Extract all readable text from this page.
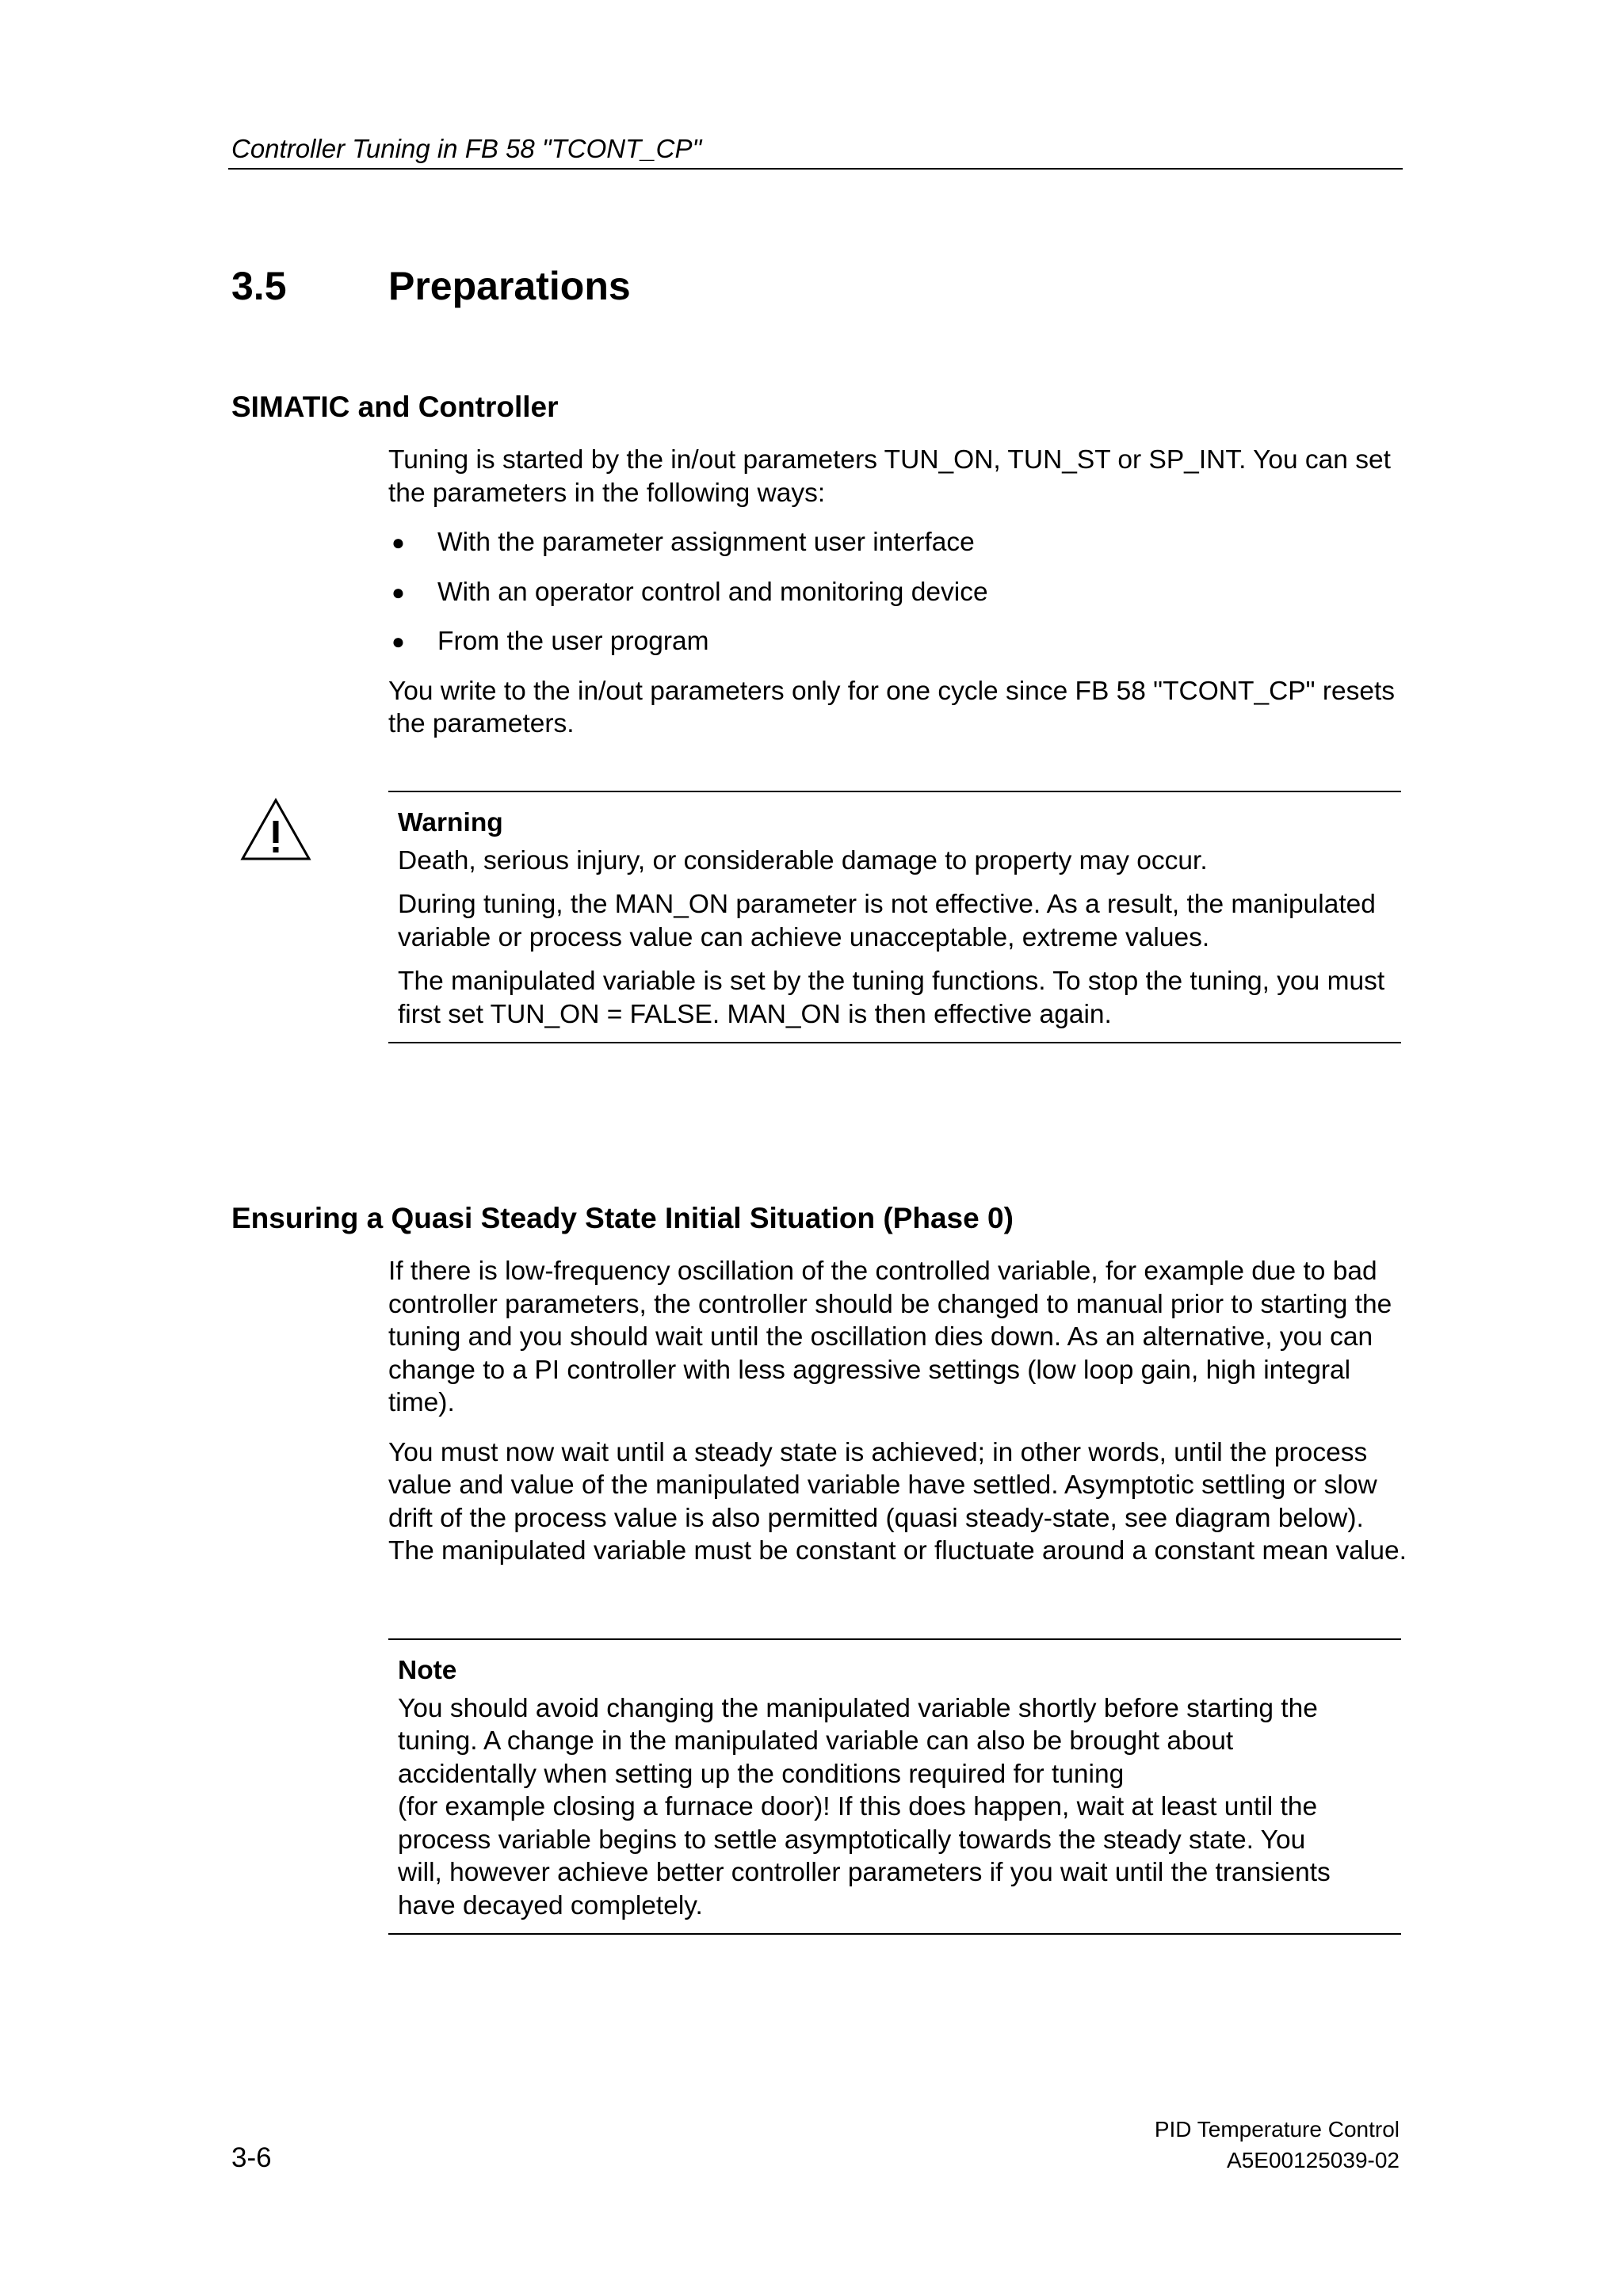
Controller Tuning in FB 58 "TCONT_CP"
3.5	Preparations
SIMATIC and Controller

Tuning is started by the in/out parameters TUN_ON, TUN_ST or SP_INT. You can set the parameters in the following ways:

● With the parameter assignment user interface
● With an operator control and monitoring device
● From the user program

You write to the in/out parameters only for one cycle since FB 58 "TCONT_CP" resets the parameters.

Warning

Death, serious injury, or considerable damage to property may occur.

During tuning, the MAN_ON parameter is not effective. As a result, the manipulated variable or process value can achieve unacceptable, extreme values.

The manipulated variable is set by the tuning functions. To stop the tuning, you must first set TUN_ON = FALSE. MAN_ON is then effective again.

Ensuring a Quasi Steady State Initial Situation (Phase 0)

If there is low-frequency oscillation of the controlled variable, for example due to bad controller parameters, the controller should be changed to manual prior to starting the tuning and you should wait until the oscillation dies down. As an alternative, you can change to a PI controller with less aggressive settings (low loop gain, high integral time).

You must now wait until a steady state is achieved; in other words, until the process value and value of the manipulated variable have settled. Asymptotic settling or slow drift of the process value is also permitted (quasi steady-state, see diagram below). The manipulated variable must be constant or fluctuate around a constant mean value.

Note

You should avoid changing the manipulated variable shortly before starting the
tuning. A change in the manipulated variable can also be brought about
accidentally when setting up the conditions required for tuning
(for example closing a furnace door)! If this does happen, wait at least until the
process variable begins to settle asymptotically towards the steady state. You
will, however achieve better controller parameters if you wait until the transients
have decayed completely.
3-6
PID Temperature Control
A5E00125039-02
